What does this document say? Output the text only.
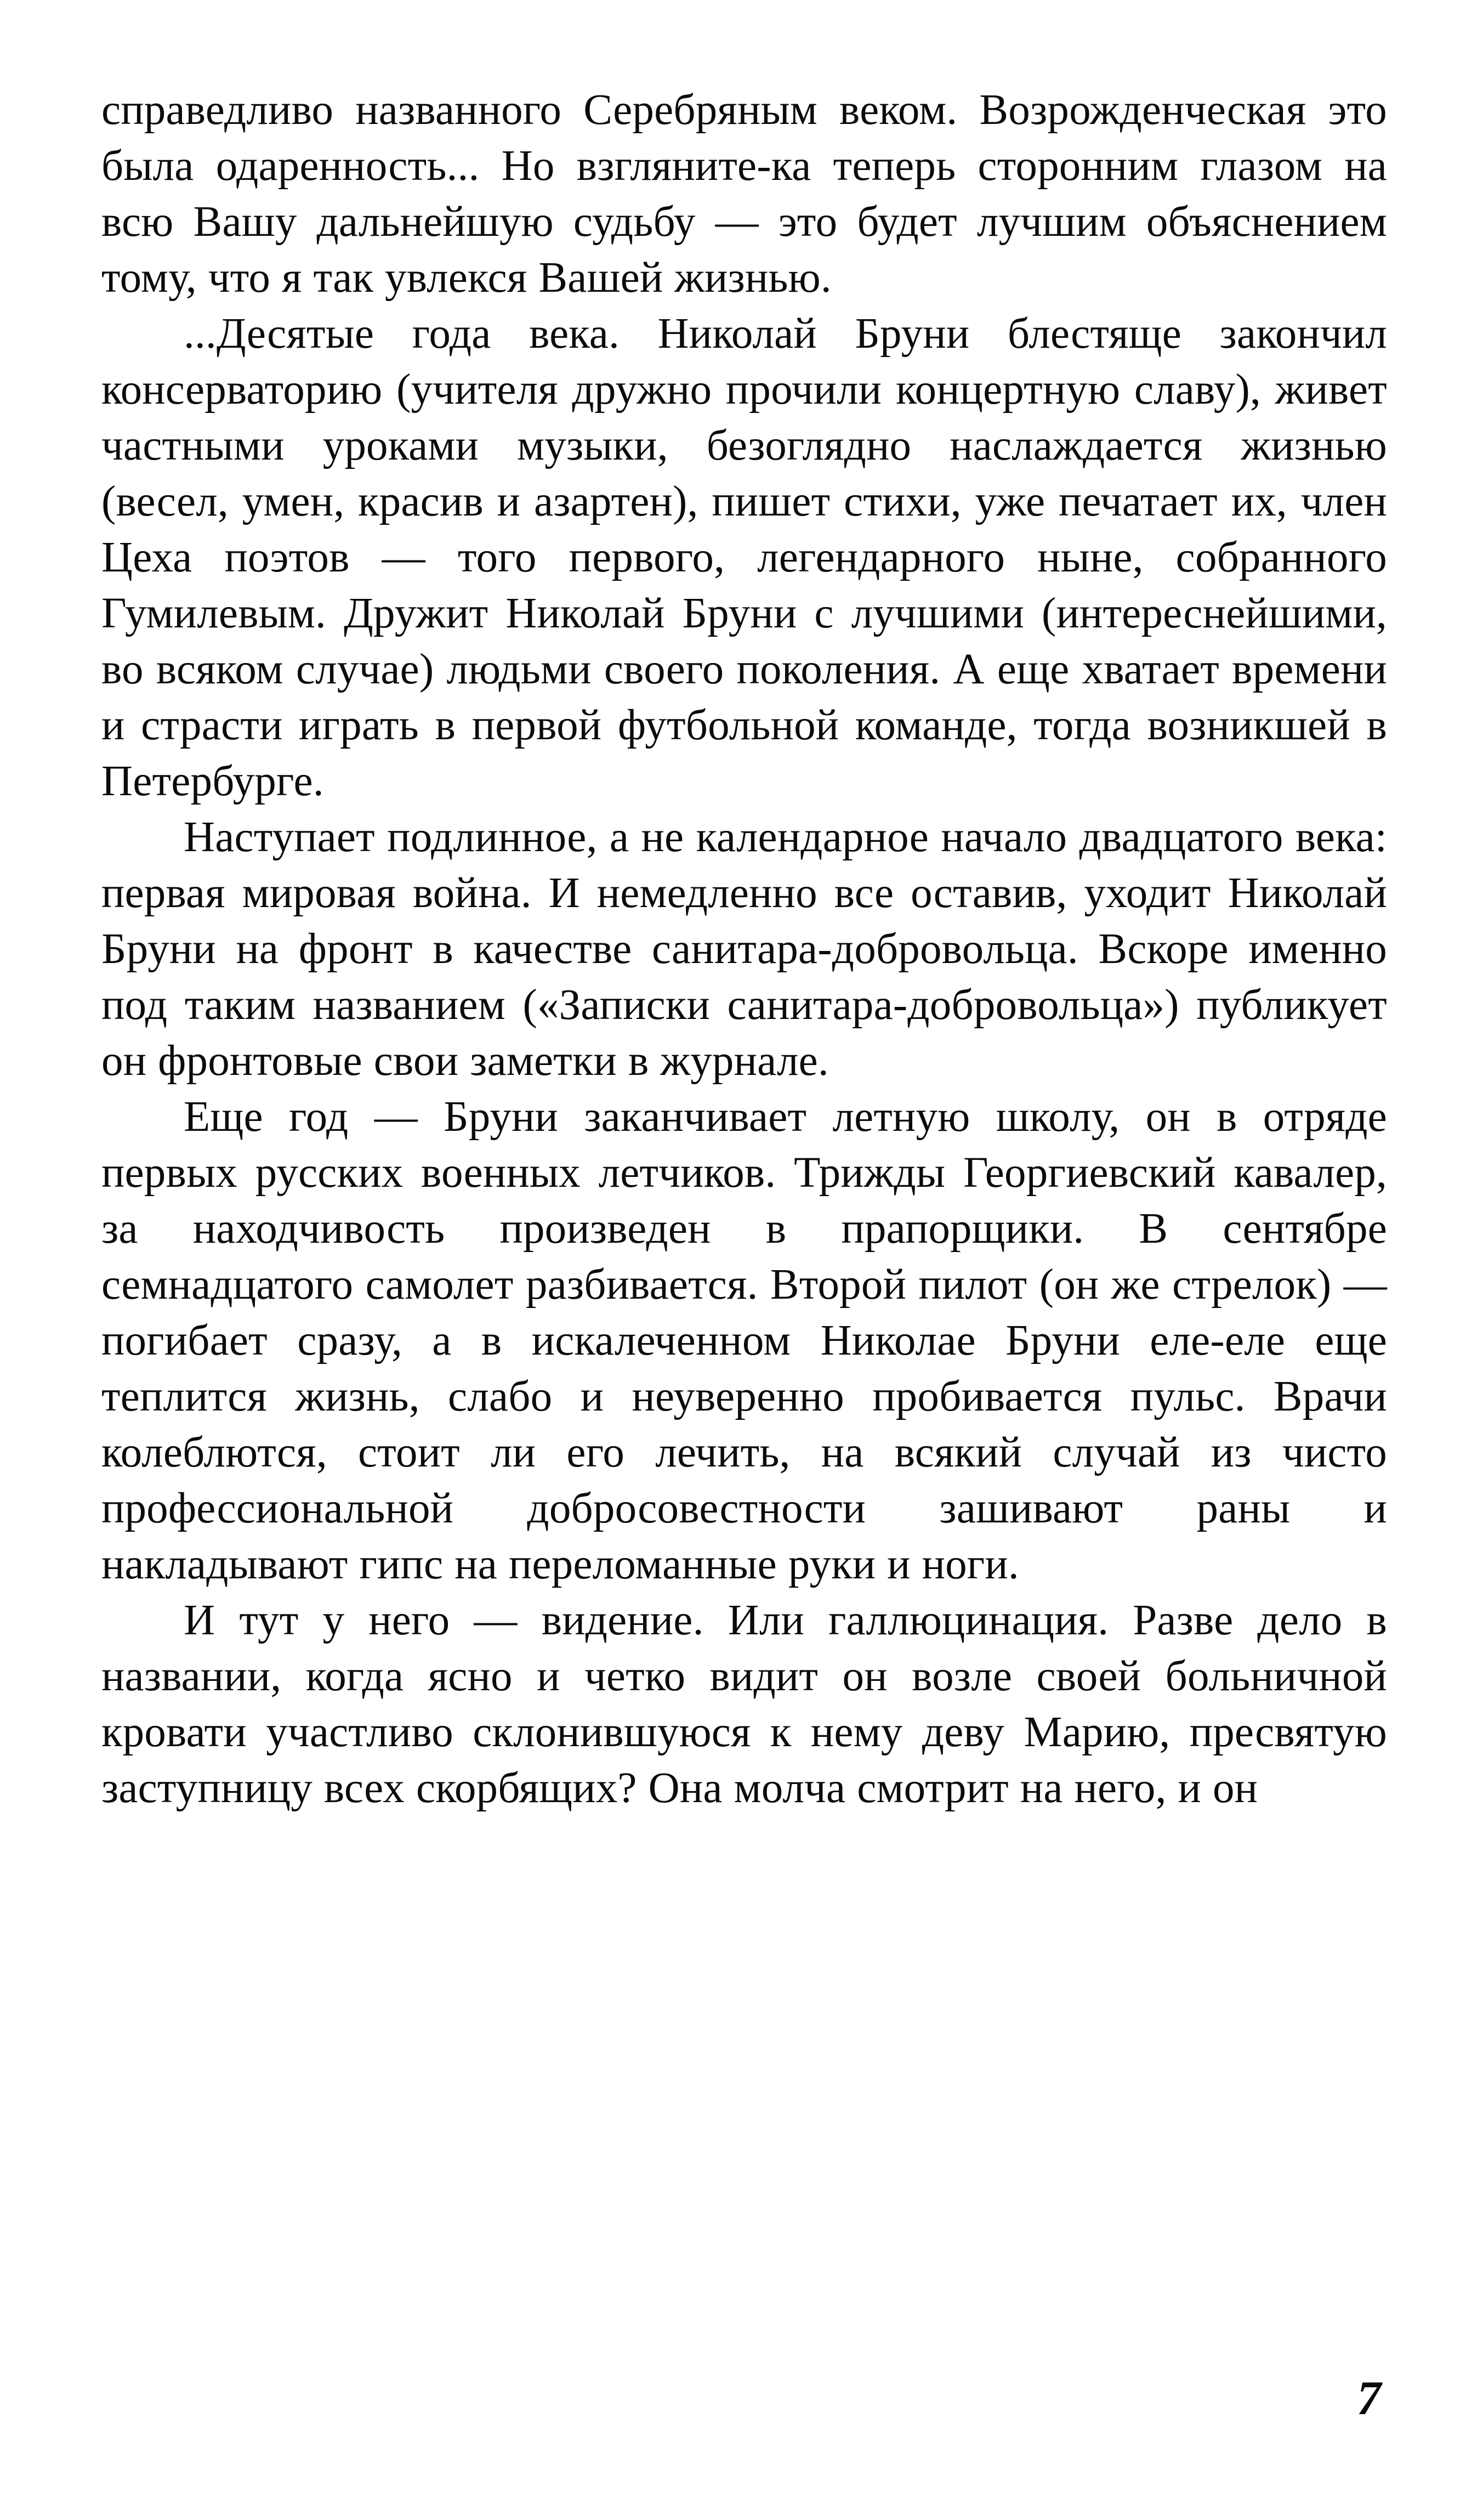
справедливо названного Серебряным веком. Возрожденческая это была одаренность... Но взгляните-ка теперь сторонним глазом на всю Вашу дальнейшую судьбу — это будет лучшим объяснением тому, что я так увлекся Вашей жизнью.

...Десятые года века. Николай Бруни блестяще закончил консерваторию (учителя дружно прочили концертную славу), живет частными уроками музыки, безоглядно наслаждается жизнью (весел, умен, красив и азартен), пишет стихи, уже печатает их, член Цеха поэтов — того первого, легендарного ныне, собранного Гумилевым. Дружит Николай Бруни с лучшими (интереснейшими, во всяком случае) людьми своего поколения. А еще хватает времени и страсти играть в первой футбольной команде, тогда возникшей в Петербурге.

Наступает подлинное, а не календарное начало двадцатого века: первая мировая война. И немедленно все оставив, уходит Николай Бруни на фронт в качестве санитара-добровольца. Вскоре именно под таким названием («Записки санитара-добровольца») публикует он фронтовые свои заметки в журнале.

Еще год — Бруни заканчивает летную школу, он в отряде первых русских военных летчиков. Трижды Георгиевский кавалер, за находчивость произведен в прапорщики. В сентябре семнадцатого самолет разбивается. Второй пилот (он же стрелок) — погибает сразу, а в искалеченном Николае Бруни еле-еле еще теплится жизнь, слабо и неуверенно пробивается пульс. Врачи колеблются, стоит ли его лечить, на всякий случай из чисто профессиональной добросовестности зашивают раны и накладывают гипс на переломанные руки и ноги.

И тут у него — видение. Или галлюцинация. Разве дело в названии, когда ясно и четко видит он возле своей больничной кровати участливо склонившуюся к нему деву Марию, пресвятую заступницу всех скорбящих? Она молча смотрит на него, и он

7
